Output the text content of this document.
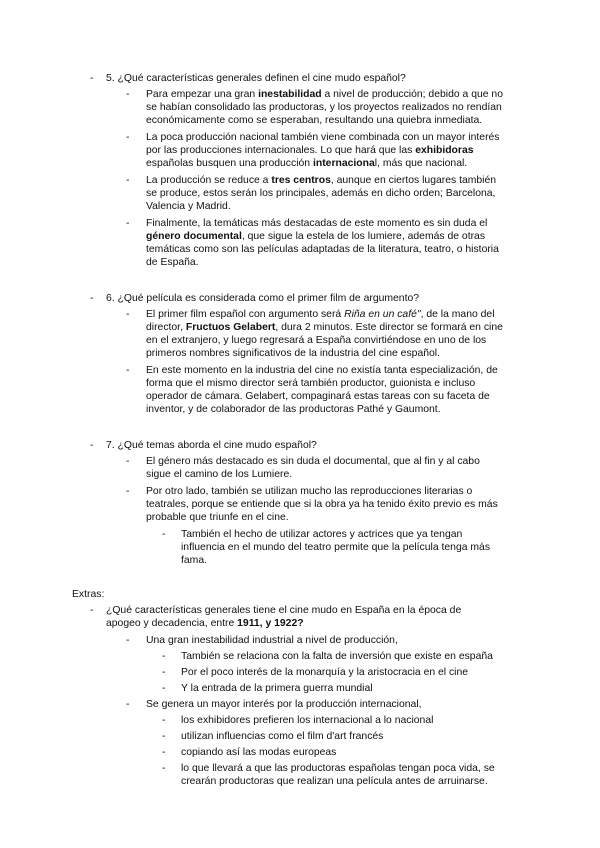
- 5. ¿Qué características generales definen el cine mudo español?
- Para empezar una gran inestabilidad a nivel de producción; debido a que no
se habían consolidado las productoras, y los proyectos realizados no rendían
económicamente como se esperaban, resultando una quiebra inmediata.
- La poca producción nacional también viene combinada con un mayor interés
por las producciones internacionales. Lo que hará que las exhibidoras
españolas busquen una producción internacional, más que nacional.
- La producción se reduce a tres centros, aunque en ciertos lugares también
se produce, estos serán los principales, además en dicho orden; Barcelona,
Valencia y Madrid.
- Finalmente, la temáticas más destacadas de este momento es sin duda el
género documental, que sigue la estela de los lumiere, además de otras
temáticas como son las películas adaptadas de la literatura, teatro, o historia
de España.
- 6. ¿Qué película es considerada como el primer film de argumento?
- El primer film español con argumento será Riña en un café", de la mano del
director, Fructuos Gelabert, dura 2 minutos. Este director se formará en cine
en el extranjero, y luego regresará a España convirtiéndose en uno de los
primeros nombres significativos de la industria del cine español.
- En este momento en la industria del cine no existía tanta especialización, de
forma que el mismo director será también productor, guionista e incluso
operador de cámara. Gelabert, compaginará estas tareas con su faceta de
inventor, y de colaborador de las productoras Pathé y Gaumont.
- 7. ¿Qué temas aborda el cine mudo español?
- El género más destacado es sin duda el documental, que al fin y al cabo
sigue el camino de los Lumiere.
- Por otro lado, también se utilizan mucho las reproducciones literarias o
teatrales, porque se entiende que si la obra ya ha tenido éxito previo es más
probable que triunfe en el cine.
- También el hecho de utilizar actores y actrices que ya tengan
influencia en el mundo del teatro permite que la película tenga más
fama.
Extras:
- ¿Qué características generales tiene el cine mudo en España en la época de
apogeo y decadencia, entre 1911, y 1922?
- Una gran inestabilidad industrial a nivel de producción,
- También se relaciona con la falta de inversión que existe en españa
- Por el poco interés de la monarquía y la aristocracia en el cine
- Y la entrada de la primera guerra mundial
- Se genera un mayor interés por la producción internacional,
- los exhibidores prefieren los internacional a lo nacional
- utilizan influencias como el film d'art francés
- copiando así las modas europeas
- lo que llevará a que las productoras españolas tengan poca vida, se
crearán productoras que realizan una película antes de arruinarse.
